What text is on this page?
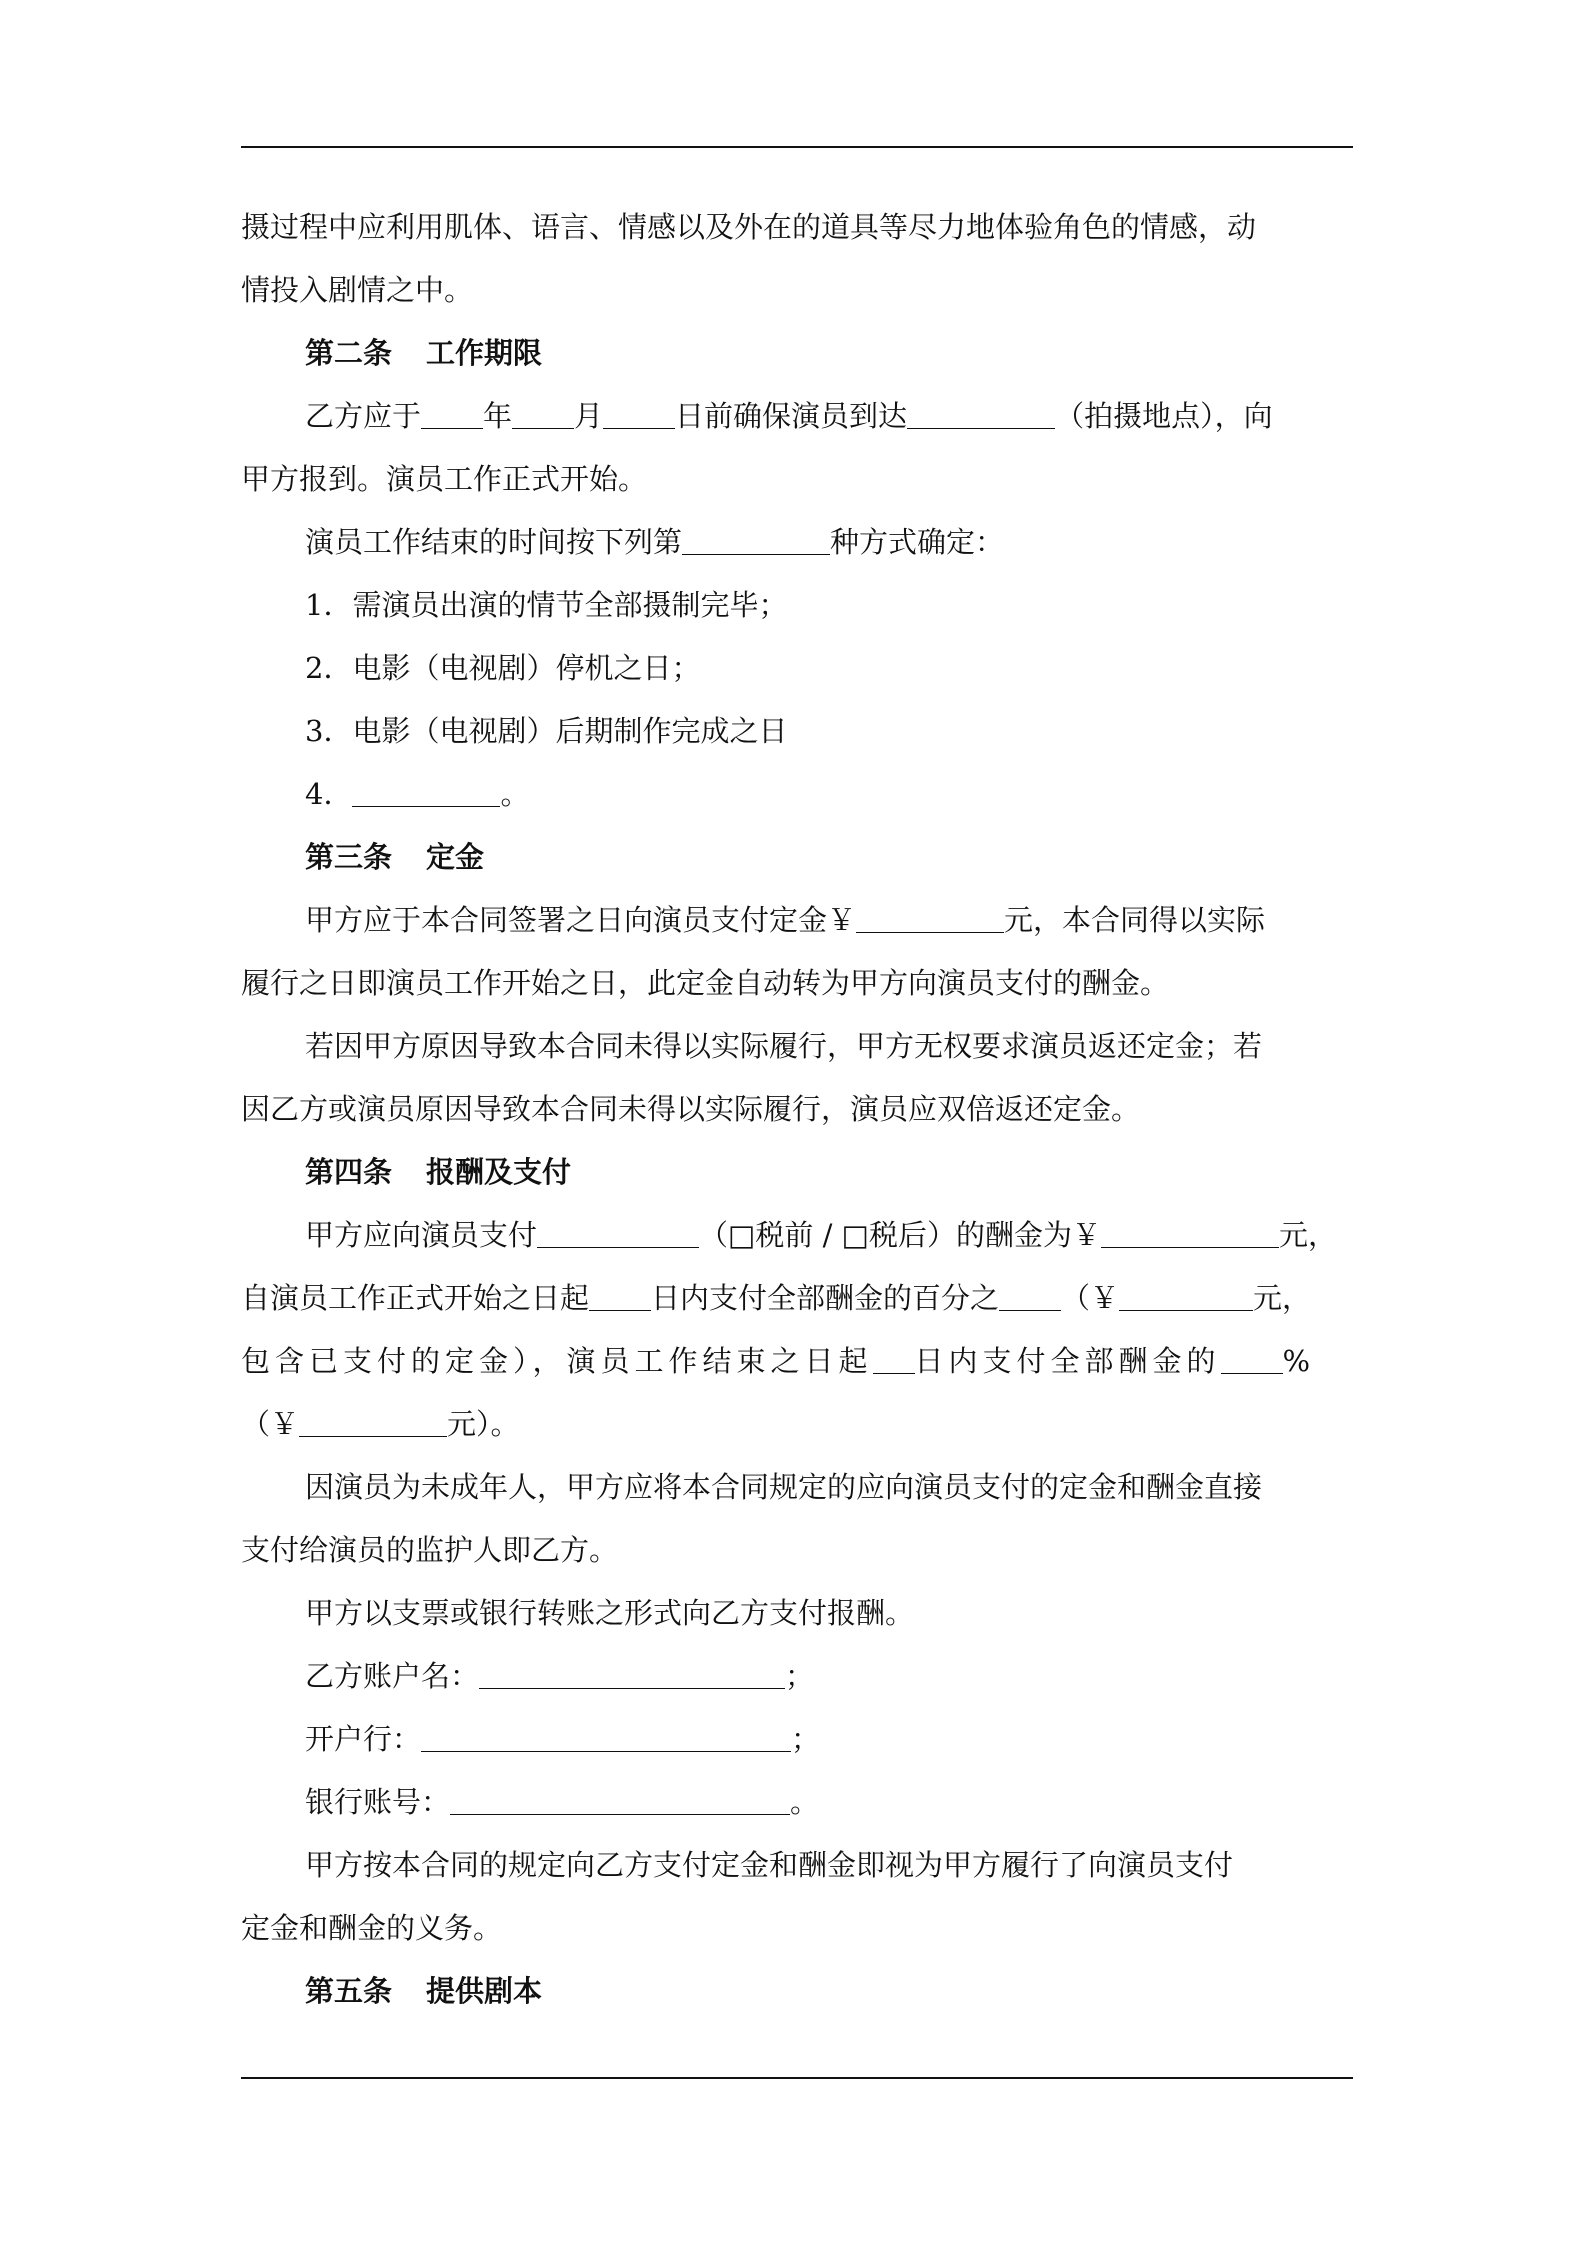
摄过程中应利用肌体、语言、情感以及外在的道具等尽力地体验角色的情感，动
情投入剧情之中。

第二条 工作期限

乙方应于 年 月 日前确保演员到达	（拍摄地点），向
甲方报到。演员工作正式开始。

演员工作结束的时间按下列第	种方式确定：

1．需演员出演的情节全部摄制完毕；

2．电影（电视剧）停机之日；

3．电影（电视剧）后期制作完成之日

4．	。

第三条 定金

甲方应于本合同签署之日向演员支付定金￥	元，本合同得以实际
履行之日即演员工作开始之日，此定金自动转为甲方向演员支付的酬金。

若因甲方原因导致本合同未得以实际履行，甲方无权要求演员返还定金；若
因乙方或演员原因导致本合同未得以实际履行，演员应双倍返还定金。

第四条 报酬及支付

甲方应向演员支付	（□税前 / □税后）的酬金为￥	元，
自演员工作正式开始之日起 日内支付全部酬金的百分之 （￥	元，
包含已支付的定金），演员工作结束之日起 日内支付全部酬金的 %
（￥	元）。

因演员为未成年人，甲方应将本合同规定的应向演员支付的定金和酬金直接
支付给演员的监护人即乙方。

甲方以支票或银行转账之形式向乙方支付报酬。

乙方账户名：	；

开户行：	；

银行账号：	。

甲方按本合同的规定向乙方支付定金和酬金即视为甲方履行了向演员支付
定金和酬金的义务。

第五条 提供剧本
